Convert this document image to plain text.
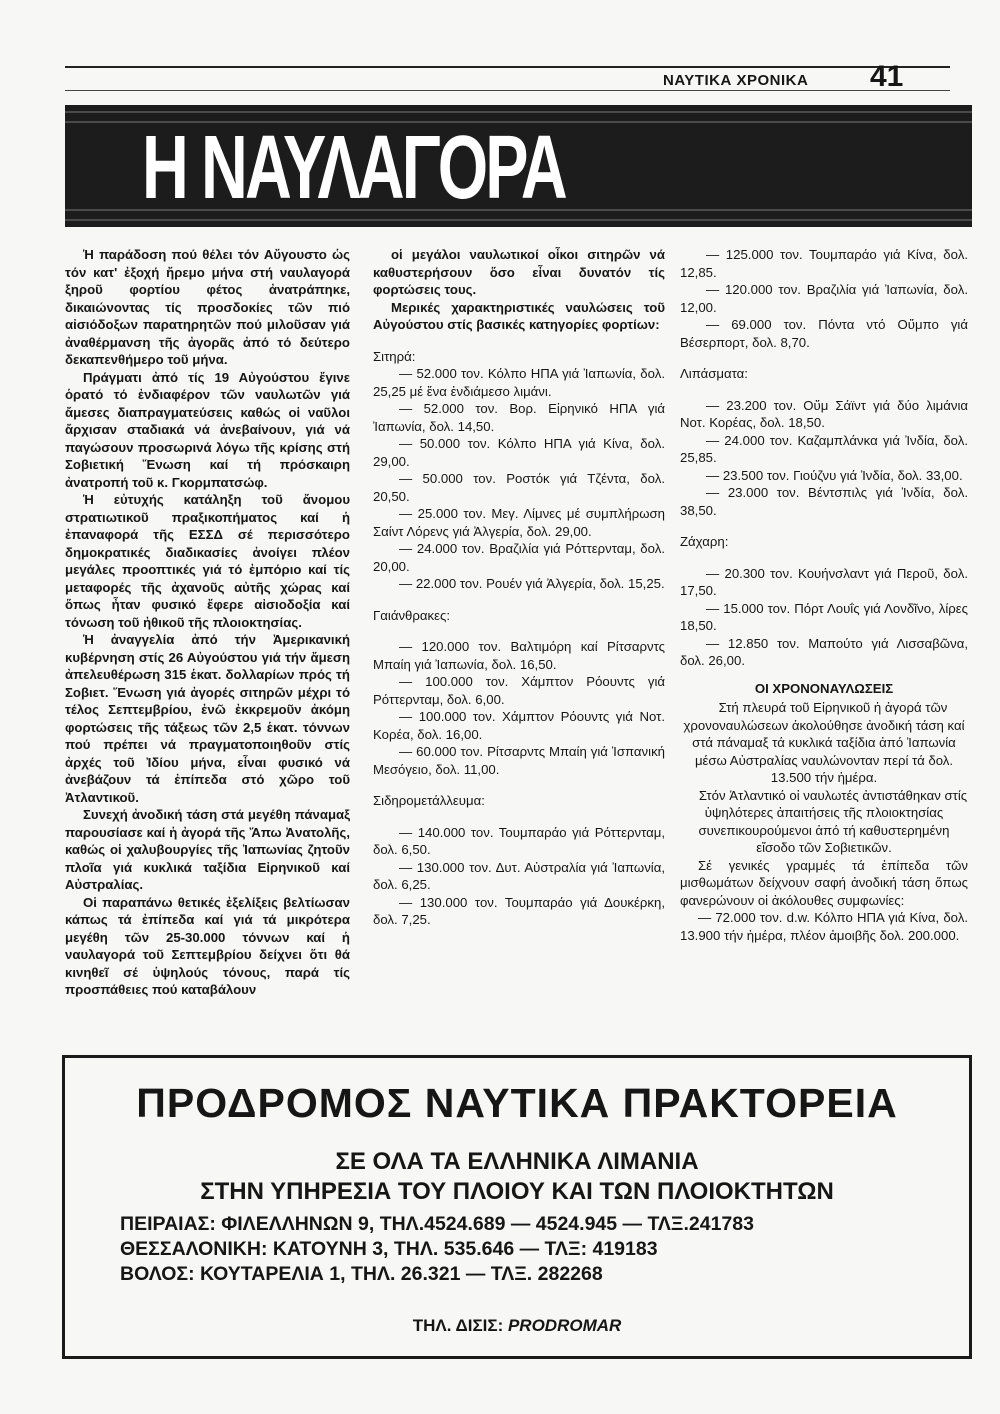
ΝΑΥΤΙΚΑ ΧΡΟΝΙΚΑ 41
Η ΝΑΥΛΑΓΟΡΑ

Ἡ παράδοση πού θέλει τόν Αὔγουστο ὡς τόν κατ' ἐξοχή ἤρεμο μήνα στή ναυλαγορά ξηροῦ φορτίου φέτος ἀνατράπηκε, δικαιώνοντας τίς προσδοκίες τῶν πιό αἰσιόδοξων παρατηρητῶν πού μιλοῦσαν γιά ἀναθέρμανση τῆς ἀγορᾶς ἀπό τό δεύτερο δεκαπενθήμερο τοῦ μήνα.

Πράγματι ἀπό τίς 19 Αὐγούστου ἔγινε ὁρατό τό ἐνδιαφέρον τῶν ναυλωτῶν γιά ἄμεσες διαπραγματεύσεις καθώς οἱ ναῦλοι ἄρχισαν σταδιακά νά ἀνεβαίνουν, γιά νά παγώσουν προσωρινά λόγω τῆς κρίσης στή Σοβιετική Ἕνωση καί τή πρόσκαιρη ἀνατροπή τοῦ κ. Γκορμπατσώφ.

Ἡ εὐτυχής κατάληξη τοῦ ἄνομου στρατιωτικοῦ πραξικοπήματος καί ἡ ἐπαναφορά τῆς ΕΣΣΔ σέ περισσότερο δημοκρατικές διαδικασίες ἀνοίγει πλέον μεγάλες προοπτικές γιά τό ἐμπόριο καί τίς μεταφορές τῆς ἀχανοῦς αὐτῆς χώρας καί ὅπως ἦταν φυσικό ἔφερε αἰσιοδοξία καί τόνωση τοῦ ἠθικοῦ τῆς πλοιοκτησίας.

Ἡ ἀναγγελία ἀπό τήν Ἀμερικανική κυβέρνηση στίς 26 Αὐγούστου γιά τήν ἄμεση ἀπελευθέρωση 315 ἑκατ. δολλαρίων πρός τή Σοβιετ. Ἕνωση γιά ἀγορές σιτηρῶν μέχρι τό τέλος Σεπτεμβρίου, ἐνῶ ἐκκρεμοῦν ἀκόμη φορτώσεις τῆς τάξεως τῶν 2,5 ἑκατ. τόννων πού πρέπει νά πραγματοποιηθοῦν στίς ἀρχές τοῦ Ἰδίου μήνα, εἶναι φυσικό νά ἀνεβάζουν τά ἐπίπεδα στό χῶρο τοῦ Ἀτλαντικοῦ.

Συνεχή ἀνοδική τάση στά μεγέθη πάναμαξ παρουσίασε καί ἡ ἀγορά τῆς Ἄπω Ἀνατολῆς, καθώς οἱ χαλυβουργίες τῆς Ἰαπωνίας ζητοῦν πλοῖα γιά κυκλικά ταξίδια Εἰρηνικοῦ καί Αὐστραλίας.

Οἱ παραπάνω θετικές ἐξελίξεις βελτίωσαν κάπως τά ἐπίπεδα καί γιά τά μικρότερα μεγέθη τῶν 25-30.000 τόννων καί ἡ ναυλαγορά τοῦ Σεπτεμβρίου δείχνει ὅτι θά κινηθεῖ σέ ὑψηλούς τόνους, παρά τίς προσπάθειες πού καταβάλουν

οἱ μεγάλοι ναυλωτικοί οἶκοι σιτηρῶν νά καθυστερήσουν ὅσο εἶναι δυνατόν τίς φορτώσεις τους.

Μερικές χαρακτηριστικές ναυλώσεις τοῦ Αὐγούστου στίς βασικές κατηγορίες φορτίων:

Σιτηρά:

— 52.000 τον. Κόλπο ΗΠΑ γιά Ἰαπωνία, δολ. 25,25 μέ ἕνα ἐνδιάμεσο λιμάνι.

— 52.000 τον. Βορ. Εἰρηνικό ΗΠΑ γιά Ἰαπωνία, δολ. 14,50.

— 50.000 τον. Κόλπο ΗΠΑ γιά Κίνα, δολ. 29,00.

— 50.000 τον. Ροστόκ γιά Τζέντα, δολ. 20,50.

— 25.000 τον. Μεγ. Λίμνες μέ συμπλήρωση Σαίντ Λόρενς γιά Ἀλγερία, δολ. 29,00.

— 24.000 τον. Βραζιλία γιά Ρόττερνταμ, δολ. 20,00.

— 22.000 τον. Ρουέν γιά Ἀλγερία, δολ. 15,25.

Γαιάνθρακες:

— 120.000 τον. Βαλτιμόρη καί Ρίτσαρντς Μπαίη γιά Ἰαπωνία, δολ. 16,50.

— 100.000 τον. Χάμπτον Ρόουντς γιά Ρόττερνταμ, δολ. 6,00.

— 100.000 τον. Χάμπτον Ρόουντς γιά Νοτ. Κορέα, δολ. 16,00.

— 60.000 τον. Ρίτσαρντς Μπαίη γιά Ἱσπανική Μεσόγειο, δολ. 11,00.

Σιδηρομετάλλευμα:

— 140.000 τον. Τουμπαράο γιά Ρόττερνταμ, δολ. 6,50.

— 130.000 τον. Δυτ. Αὐστραλία γιά Ἰαπωνία, δολ. 6,25.

— 130.000 τον. Τουμπαράο γιά Δουκέρκη, δολ. 7,25.

— 125.000 τον. Τουμπαράο γιά Κίνα, δολ. 12,85.

— 120.000 τον. Βραζιλία γιά Ἰαπωνία, δολ. 12,00.

— 69.000 τον. Πόντα ντό Οὔμπο γιά Βέσερπορτ, δολ. 8,70.

Λιπάσματα:

— 23.200 τον. Οὔμ Σάϊντ γιά δύο λιμάνια Νοτ. Κορέας, δολ. 18,50.

— 24.000 τον. Καζαμπλάνκα γιά Ἰνδία, δολ. 25,85.

— 23.500 τον. Γιούζνυ γιά Ἰνδία, δολ. 33,00.

— 23.000 τον. Βέντσπιλς γιά Ἰνδία, δολ. 38,50.

Ζάχαρη:

— 20.300 τον. Κουήνσλαντ γιά Περοῦ, δολ. 17,50.

— 15.000 τον. Πόρτ Λουΐς γιά Λονδῖνο, λίρες 18,50.

— 12.850 τον. Μαπούτο γιά Λισσαβῶνα, δολ. 26,00.

ΟΙ ΧΡΟΝΟΝΑΥΛΩΣΕΙΣ

Στή πλευρά τοῦ Εἰρηνικοῦ ἡ ἀγορά τῶν χρονοναυλώσεων ἀκολούθησε ἀνοδική τάση καί στά πάναμαξ τά κυκλικά ταξίδια ἀπό Ἰαπωνία μέσω Αὐστραλίας ναυλώνονταν περί τά δολ. 13.500 τήν ἡμέρα.

Στόν Ἀτλαντικό οἱ ναυλωτές ἀντιστάθηκαν στίς ὑψηλότερες ἀπαιτήσεις τῆς πλοιοκτησίας συνεπικουρούμενοι ἀπό τή καθυστερημένη εἴσοδο τῶν Σοβιετικῶν.

Σέ γενικές γραμμές τά ἐπίπεδα τῶν μισθωμάτων δείχνουν σαφή ἀνοδική τάση ὅπως φανερώνουν οἱ ἀκόλουθες συμφωνίες:

— 72.000 τον. d.w. Κόλπο ΗΠΑ γιά Κίνα, δολ. 13.900 τήν ἡμέρα, πλέον ἀμοιβῆς δολ. 200.000.

ΠΡΟΔΡΟΜΟΣ ΝΑΥΤΙΚΑ ΠΡΑΚΤΟΡΕΙΑ
ΣΕ ΟΛΑ ΤΑ ΕΛΛΗΝΙΚΑ ΛΙΜΑΝΙΑ
ΣΤΗΝ ΥΠΗΡΕΣΙΑ ΤΟΥ ΠΛΟΙΟΥ ΚΑΙ ΤΩΝ ΠΛΟΙΟΚΤΗΤΩΝ
ΠΕΙΡΑΙΑΣ: ΦΙΛΕΛΛΗΝΩΝ 9, ΤΗΛ.4524.689 — 4524.945 — ΤΛΞ.241783
ΘΕΣΣΑΛΟΝΙΚΗ: ΚΑΤΟΥΝΗ 3, ΤΗΛ. 535.646 — ΤΛΞ: 419183
ΒΟΛΟΣ: ΚΟΥΤΑΡΕΛΙΑ 1, ΤΗΛ. 26.321 — ΤΛΞ. 282268
ΤΗΛ. ΔΙΣΙΣ: PRODROMAR
